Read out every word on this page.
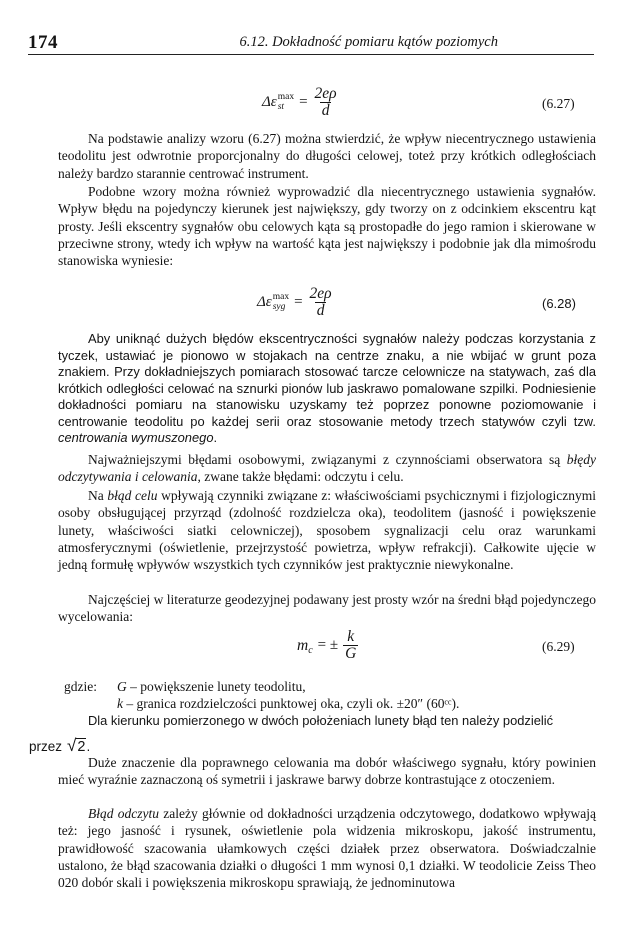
174	6.12. Dokładność pomiaru kątów poziomych
Δε max
st	= $\frac{2e\rho}{d}$	(6.27)

Na podstawie analizy wzoru (6.27) można stwierdzić, że wpływ niecentrycznego ustawienia teodolitu jest odwrotnie proporcjonalny do długości celowej, toteż przy krótkich odległościach należy bardzo starannie centrować instrument.

Podobne wzory można również wyprowadzić dla niecentrycznego ustawienia sygnałów. Wpływ błędu na pojedynczy kierunek jest największy, gdy tworzy on z odcinkiem ekscentru kąt prosty. Jeśli ekscentry sygnałów obu celowych kąta są prostopadłe do jego ramion i skierowane w przeciwne strony, wtedy ich wpływ na wartość kąta jest największy i podobnie jak dla mimośrodu stanowiska wyniesie:

Δε max
syg = $\frac{2e\rho}{d}$	(6.28)

Aby uniknąć dużych błędów ekscentryczności sygnałów należy podczas korzystania z tyczek, ustawiać je pionowo w stojakach na centrze znaku, a nie wbijać w grunt poza znakiem. Przy dokładniejszych pomiarach stosować tarcze celownicze na statywach, zaś dla krótkich odległości celować na sznurki pionów lub jaskrawo pomalowane szpilki. Podniesienie dokładności pomiaru na stanowisku uzyskamy też poprzez ponowne poziomowanie i centrowanie teodolitu po każdej serii oraz stosowanie metody trzech statywów czyli tzw. centrowania wymuszonego.

Najważniejszymi błędami osobowymi, związanymi z czynnościami obserwatora są błędy odczytywania i celowania, zwane także błędami: odczytu i celu.

Na błąd celu wpływają czynniki związane z: właściwościami psychicznymi i fizjologicznymi osoby obsługującej przyrząd (zdolność rozdzielcza oka), teodolitem (jasność i powiększenie lunety, właściwości siatki celowniczej), sposobem sygnalizacji celu oraz warunkami atmosferycznymi (oświetlenie, przejrzystość powietrza, wpływ refrakcji). Całkowite ujęcie w jedną formułę wpływów wszystkich tych czynników jest praktycznie niewykonalne.

Najczęściej w literaturze geodezyjnej podawany jest prosty wzór na średni błąd pojedynczego wycelowania:

m c = ± $\frac{k}{G}$	(6.29)
gdzie: G – powiększenie lunety teodolitu,
k – granica rozdzielczości punktowej oka, czyli ok. ±20″ (60ᶜᶜ).

Dla kierunku pomierzonego w dwóch położeniach lunety błąd ten należy podzielić

przez √2.

Duże znaczenie dla poprawnego celowania ma dobór właściwego sygnału, który powinien mieć wyraźnie zaznaczoną oś symetrii i jaskrawe barwy dobrze kontrastujące z otoczeniem.

Błąd odczytu zależy głównie od dokładności urządzenia odczytowego, dodatkowo wpływają też: jego jasność i rysunek, oświetlenie pola widzenia mikroskopu, jakość instrumentu, prawidłowość szacowania ułamkowych części działek przez obserwatora. Doświadczalnie ustalono, że błąd szacowania działki o długości 1 mm wynosi 0,1 działki. W teodolicie Zeiss Theo 020 dobór skali i powiększenia mikroskopu sprawiają, że jednominutowa
